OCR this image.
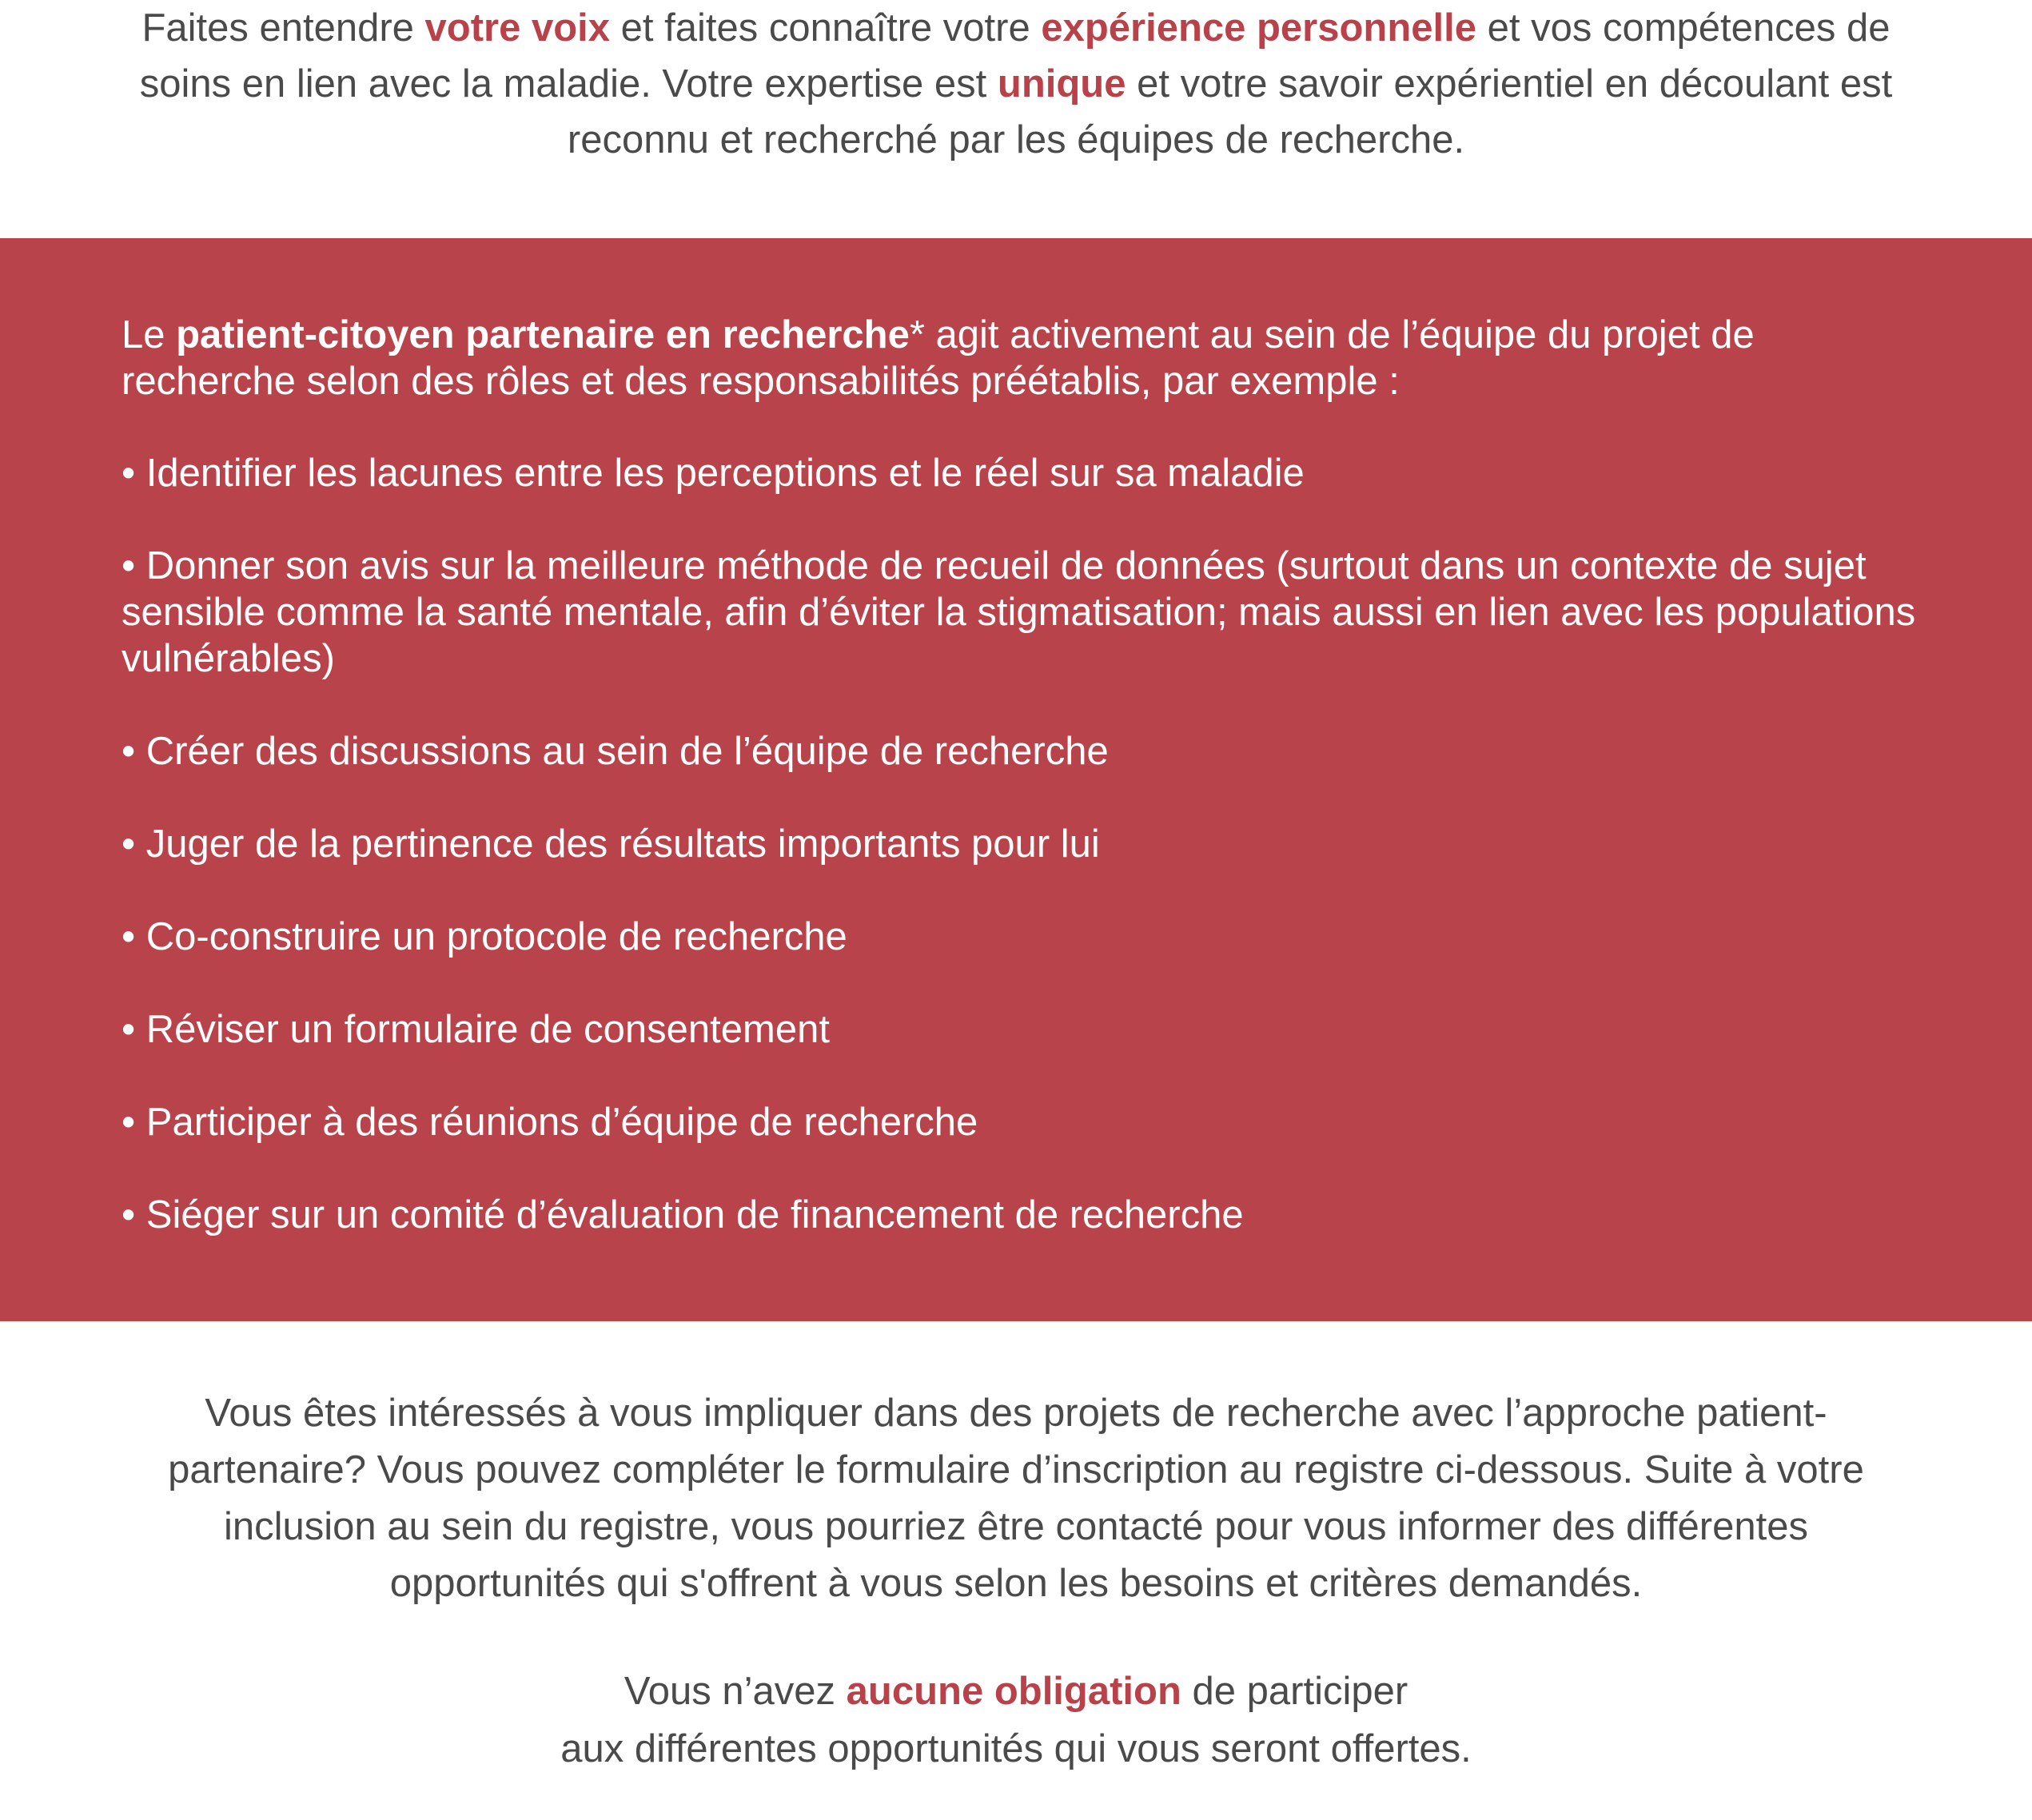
Faites entendre votre voix et faites connaître votre expérience personnelle et vos compétences de soins en lien avec la maladie. Votre expertise est unique et votre savoir expérientiel en découlant est reconnu et recherché par les équipes de recherche.

Le patient-citoyen partenaire en recherche* agit activement au sein de l’équipe du projet de recherche selon des rôles et des responsabilités préétablis, par exemple :

• Identifier les lacunes entre les perceptions et le réel sur sa maladie
• Donner son avis sur la meilleure méthode de recueil de données (surtout dans un contexte de sujet sensible comme la santé mentale, afin d’éviter la stigmatisation; mais aussi en lien avec les populations vulnérables)
• Créer des discussions au sein de l’équipe de recherche
• Juger de la pertinence des résultats importants pour lui
• Co-construire un protocole de recherche
• Réviser un formulaire de consentement
• Participer à des réunions d’équipe de recherche
• Siéger sur un comité d’évaluation de financement de recherche

Vous êtes intéressés à vous impliquer dans des projets de recherche avec l’approche patient-partenaire? Vous pouvez compléter le formulaire d’inscription au registre ci-dessous. Suite à votre inclusion au sein du registre, vous pourriez être contacté pour vous informer des différentes opportunités qui s'offrent à vous selon les besoins et critères demandés.

Vous n’avez aucune obligation de participer
aux différentes opportunités qui vous seront offertes.
